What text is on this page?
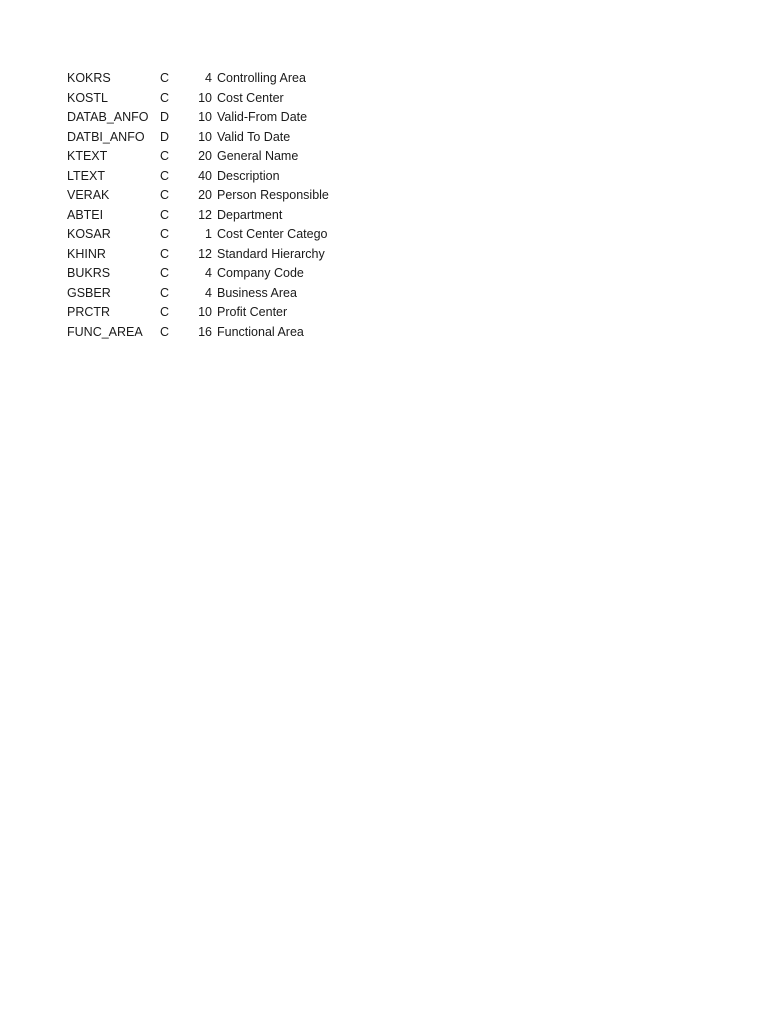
KOKRS	C	4	Controlling Area
KOSTL	C	10	Cost Center
DATAB_ANFO	D	10	Valid-From Date
DATBI_ANFO	D	10	Valid To Date
KTEXT	C	20	General Name
LTEXT	C	40	Description
VERAK	C	20	Person Responsible
ABTEI	C	12	Department
KOSAR	C	1	Cost Center Catego
KHINR	C	12	Standard Hierarchy
BUKRS	C	4	Company Code
GSBER	C	4	Business Area
PRCTR	C	10	Profit Center
FUNC_AREA	C	16	Functional Area
